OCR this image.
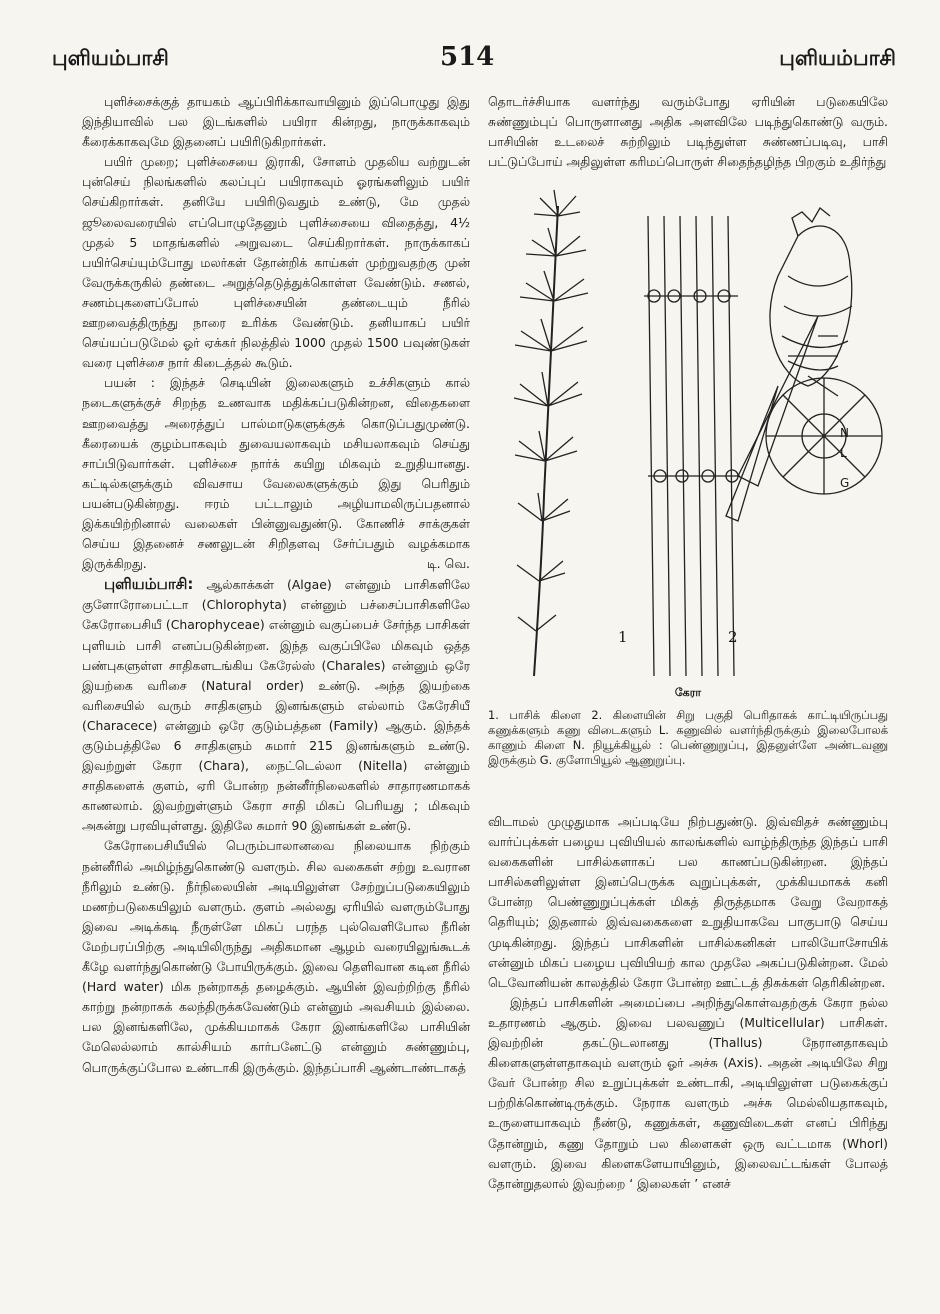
புளியம்பாசி	514	புளியம்பாசி

புளிச்சைக்குத் தாயகம் ஆப்பிரிக்காவாயினும் இப்பொழுது இது இந்தியாவில் பல இடங்களில் பயிரா கின்றது, நாருக்காகவும் கீரைக்காகவுமே இதனைப் பயிரிடுகிறார்கள்.

பயிர் முறை; புளிச்சையை இராகி, சோளம் முதலிய வற்றுடன் புன்செய் நிலங்களில் கலப்புப் பயிராகவும் ஓரங்களிலும் பயிர் செய்கிறார்கள். தனியே பயிரிடுவதும் உண்டு, மே முதல் ஜூலைவரையில் எப்பொழுதேனும் புளிச்சையை விதைத்து, 4½ முதல் 5 மாதங்களில் அறுவடை செய்கிறார்கள். நாருக்காகப் பயிர்செய்யும்போது மலர்கள் தோன்றிக் காய்கள் முற்றுவதற்கு முன் வேருக்கருகில் தண்டை அறுத்தெடுத்துக்கொள்ள வேண்டும். சணல், சணம்புகளைப்போல் புளிச்சையின் தண்டையும் நீரில் ஊறவைத்திருந்து நாரை உரிக்க வேண்டும். தனியாகப் பயிர் செய்யப்படுமேல் ஓர் ஏக்கர் நிலத்தில் 1000 முதல் 1500 பவுண்டுகள் வரை புளிச்சை நார் கிடைத்தல் கூடும்.

பயன் : இந்தச் செடியின் இலைகளும் உச்சிகளும் கால் நடைகளுக்குச் சிறந்த உணவாக மதிக்கப்படுகின்றன, விதைகளை ஊறவைத்து அரைத்துப் பால்மாடுகளுக்குக் கொடுப்பதுமுண்டு. கீரையைக் குழம்பாகவும் துவையலாகவும் மசியலாகவும் செய்து சாப்பிடுவார்கள். புளிச்சை நார்க் கயிறு மிகவும் உறுதியானது. கட்டில்களுக்கும் விவசாய வேலைகளுக்கும் இது பெரிதும் பயன்படுகின்றது. ஈரம் பட்டாலும் அழியாமலிருப்பதனால் இக்கயிற்றினால் வலைகள் பின்னுவதுண்டு. கோணிச் சாக்குகள் செய்ய இதனைச் சணலுடன் சிறிதளவு சேர்ப்பதும் வழக்கமாக இருக்கிறது.	டி. வெ.

புளியம்பாசி: ஆல்காக்கள் (Algae) என்னும் பாசிகளிலே குளோரோபைட்டா (Chlorophyta) என்னும் பச்சைப்பாசிகளிலே கேரோபைசியீ (Charophyceae) என்னும் வகுப்பைச் சேர்ந்த பாசிகள் புளியம் பாசி எனப்படுகின்றன. இந்த வகுப்பிலே மிகவும் ஒத்த பண்புகளுள்ள சாதிகளடங்கிய கேரேல்ஸ் (Charales) என்னும் ஒரே இயற்கை வரிசை (Natural order) உண்டு. அந்த இயற்கை வரிசையில் வரும் சாதிகளும் இனங்களும் எல்லாம் கேரேசியீ (Characece) என்னும் ஒரே குடும்பத்தன (Family) ஆகும். இந்தக் குடும்பத்திலே 6 சாதிகளும் சுமார் 215 இனங்களும் உண்டு. இவற்றுள் கேரா (Chara), நைட்டெல்லா (Nitella) என்னும் சாதிகளைக் குளம், ஏரி போன்ற நன்னீர்நிலைகளில் சாதாரணமாகக் காணலாம். இவற்றுள்ளும் கேரா சாதி மிகப் பெரியது ; மிகவும் அகன்று பரவியுள்ளது. இதிலே சுமார் 90 இனங்கள் உண்டு.

கேரோபைசியீயில் பெரும்பாலானவை நிலையாக நிற்கும் நன்னீரில் அமிழ்ந்துகொண்டு வளரும். சில வகைகள் சற்று உவரான நீரிலும் உண்டு. நீர்நிலையின் அடியிலுள்ள சேற்றுப்படுகையிலும் மணற்படுகையிலும் வளரும். குளம் அல்லது ஏரியில் வளரும்போது இவை அடிக்கடி நீருள்ளே மிகப் பரந்த புல்வெளிபோல நீரின் மேற்பரப்பிற்கு அடியிலிருந்து அதிகமான ஆழம் வரையிலுங்கூடக் கீழே வளர்ந்துகொண்டு போயிருக்கும். இவை தெளிவான கடின நீரில் (Hard water) மிக நன்றாகத் தழைக்கும். ஆயின் இவற்றிற்கு நீரில் காற்று நன்றாகக் கலந்திருக்கவேண்டும் என்னும் அவசியம் இல்லை. பல இனங்களிலே, முக்கியமாகக் கேரா இனங்களிலே பாசியின் மேலெல்லாம் கால்சியம் கார்பனேட்டு என்னும் சுண்ணும்பு, பொருக்குப்போல உண்டாகி இருக்கும். இந்தப்பாசி ஆண்டாண்டாகத்

தொடர்ச்சியாக வளர்ந்து வரும்போது ஏரியின் படுகையிலே சுண்ணும்புப் பொருளானது அதிக அளவிலே படிந்துகொண்டு வரும். பாசியின் உடலைச் சுற்றிலும் படிந்துள்ள சுண்ணப்படிவு, பாசி பட்டுப்போய் அதிலுள்ள கரிமப்பொருள் சிதைந்தழிந்த பிறகும் உதிர்ந்து

1	2
N
L
G
கேரா

1. பாசிக் கிளை 2. கிளையின் சிறு பகுதி பெரிதாகக் காட்டியிருப்பது கணுக்களும் கணு விடைகளும் L. கணுவில் வளர்ந்திருக்கும் இலைபோலக் காணும் கிளை N. நியூக்கியூல் : பெண்ணுறுப்பு, இதனுள்ளே அண்டவணு இருக்கும் G. குளோபியூல் ஆணுறுப்பு.

விடாமல் முழுதுமாக அப்படியே நிற்பதுண்டு. இவ்விதச் சுண்ணும்பு வார்ப்புக்கள் பழைய புவியியல் காலங்களில் வாழ்ந்திருந்த இந்தப் பாசி வகைகளின் பாசில்களாகப் பல காணப்படுகின்றன. இந்தப் பாசில்களிலுள்ள இனப்பெருக்க வுறுப்புக்கள், முக்கியமாகக் கனி போன்ற பெண்ணுறுப்புக்கள் மிகத் திருத்தமாக வேறு வேறாகத் தெரியும்; இதனால் இவ்வகைகளை உறுதியாகவே பாகுபாடு செய்ய முடிகின்றது. இந்தப் பாசிகளின் பாசில்கனிகள் பாலியோசோயிக் என்னும் மிகப் பழைய புவியியற் கால முதலே அகப்படுகின்றன. மேல் டெவோனியன் காலத்தில் கேரா போன்ற ஊட்டத் திசுக்கள் தெரிகின்றன.

இந்தப் பாசிகளின் அமைப்பை அறிந்துகொள்வதற்குக் கேரா நல்ல உதாரணம் ஆகும். இவை பலவணுப் (Multicellular) பாசிகள். இவற்றின் தகட்டுடலானது (Thallus) நேரானதாகவும் கிளைகளுள்ளதாகவும் வளரும் ஓர் அச்சு (Axis). அதன் அடியிலே சிறு வேர் போன்ற சில உறுப்புக்கள் உண்டாகி, அடியிலுள்ள படுகைக்குப் பற்றிக்கொண்டிருக்கும். நேராக வளரும் அச்சு மெல்லியதாகவும், உருளையாகவும் நீண்டு, கணுக்கள், கணுவிடைகள் எனப் பிரிந்து தோன்றும், கணு தோறும் பல கிளைகள் ஒரு வட்டமாக (Whorl) வளரும். இவை கிளைகளேயாயினும், இலைவட்டங்கள் போலத் தோன்றுதலால் இவற்றை ‘ இலைகள் ’ எனச்
